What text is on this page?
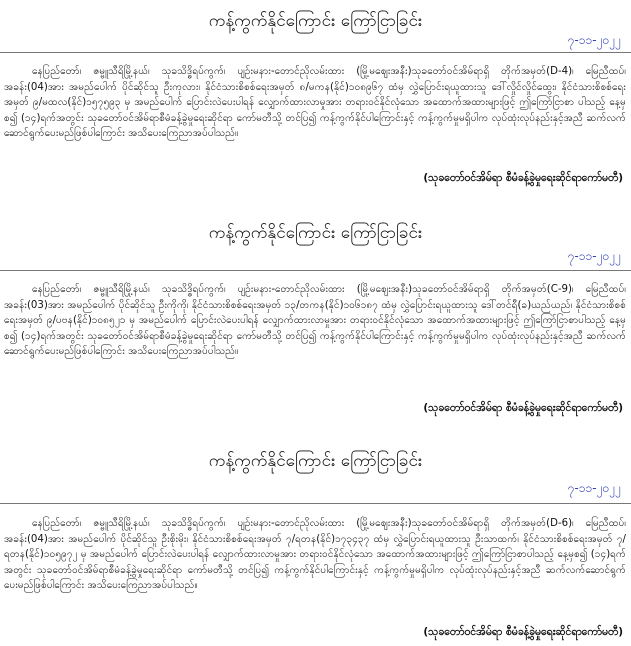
ကန့်ကွက်နိုင်ကြောင်း ကြော်ငြာခြင်း
၇-၁၁-၂၀၂၂
နေပြည်တော်၊ ဇမ္ဗူသီရိမြို့နယ်၊ သုခသိဒ္ဓိရပ်ကွက်၊ ပျဉ်းမနား-တောင်ညိုလမ်းထား (မြို့မဈေးအနီး)သုခတော်ဝင်အိမ်ရာရှိ တိုက်အမှတ်(D-4)၊ မြေညီထပ်၊ အခန်း(04)အား အမည်ပေါက် ပိုင်ဆိုင်သူ ဦးကုလား၊ နိုင်ငံသားစိစစ်ရေးအမှတ် ၈/မကန(နိုင်)၁၀၈၉၆၇ ထံမှ လွှဲပြောင်းရယူထားသူ ဒေါ်လှိုင်လှိုင်ထွေး၊ နိုင်ငံသားစိစစ်ရေးအမှတ် ၉/မထလ(နိုင်)၁၅၇၅၉၃ မှ အမည်ပေါက် ပြောင်းလဲပေးပါရန် လျှောက်ထားလာမှုအား တရားဝင်နိုင်လုံသော အထောက်အထားများဖြင့် ဤကြော်ငြာစာ ပါသည့် နေ့မှစ၍ (၁၄)ရက်အတွင်း သုခတော်ဝင်အိမ်ရာစီမံခန့်ခွဲမှုရေးဆိုင်ရာ ကော်မတီသို့ တင်ပြ၍ ကန့်ကွက်နိုင်ပါကြောင်းနှင့် ကန့်ကွက်မှုမရှိပါက လုပ်ထုံးလုပ်နည်းနှင့်အညီ ဆက်လက် ဆောင်ရွက်ပေးမည်ဖြစ်ပါကြောင်း အသိပေးကြေညာအပ်ပါသည်။
(သုခတော်ဝင်အိမ်ရာ စီမံခန့်ခွဲမှုရေးဆိုင်ရာကော်မတီ)
ကန့်ကွက်နိုင်ကြောင်း ကြော်ငြာခြင်း
၇-၁၁-၂၀၂၂
နေပြည်တော်၊ ဇမ္ဗူသီရိမြို့နယ်၊ သုခသိဒ္ဓိရပ်ကွက်၊ ပျဉ်းမနား-တောင်ညိုလမ်းထား (မြို့မဈေးအနီး)သုခတော်ဝင်အိမ်ရာရှိ တိုက်အမှတ်(C-9)၊ မြေညီထပ်၊ အခန်း(03)အား အမည်ပေါက် ပိုင်ဆိုင်သူ ဦးကိုကို၊ နိုင်ငံသားစိစစ်ရေးအမှတ် ၁၃/တကန(နိုင်)၁၀၆၁၈၇ ထံမှ လွှဲပြောင်းရယူထားသူ ဒေါ်တင်ရီ(ခ)ယည်ယည်၊ နိုင်ငံသားစိစစ်ရေးအမှတ် ၉/ပဗန(နိုင်)၁၀၈၅၂၁ မှ အမည်ပေါက် ပြောင်းလဲပေးပါရန် လျှောက်ထားလာမှုအား တရားဝင်နိုင်လုံသော အထောက်အထားများဖြင့် ဤကြော်ငြာစာပါသည့် နေ့မှစ၍ (၁၄)ရက်အတွင်း သုခတော်ဝင်အိမ်ရာစီမံခန့်ခွဲမှုရေးဆိုင်ရာ ကော်မတီသို့ တင်ပြ၍ ကန့်ကွက်နိုင်ပါကြောင်းနှင့် ကန့်ကွက်မှုမရှိပါက လုပ်ထုံးလုပ်နည်းနှင့်အညီ ဆက်လက် ဆောင်ရွက်ပေးမည်ဖြစ်ပါကြောင်း အသိပေးကြေညာအပ်ပါသည်။
(သုခတော်ဝင်အိမ်ရာ စီမံခန့်ခွဲမှုရေးဆိုင်ရာကော်မတီ)
ကန့်ကွက်နိုင်ကြောင်း ကြော်ငြာခြင်း
၇-၁၁-၂၀၂၂
နေပြည်တော်၊ ဇမ္ဗူသီရိမြို့နယ်၊ သုခသိဒ္ဓိရပ်ကွက်၊ ပျဉ်းမနား-တောင်ညိုလမ်းထား (မြို့မဈေးအနီး)သုခတော်ဝင်အိမ်ရာရှိ တိုက်အမှတ်(D-6)၊ မြေညီထပ်၊ အခန်း(04)အား အမည်ပေါက် ပိုင်ဆိုင်သူ ဦးစိုးမိုး၊ နိုင်ငံသားစိစစ်ရေးအမှတ် ၇/ရတန(နိုင်)၁၇၃၄၃၇ ထံမှ လွှဲပြောင်းရယူထားသူ ဦးသာထက်၊ နိုင်ငံသားစိစစ်ရေးအမှတ် ၇/ရတန(နိုင်)၁၀၅၉၇၂ မှ အမည်ပေါက် ပြောင်းလဲပေးပါရန် လျှောက်ထားလာမှုအား တရားဝင်နိုင်လုံသော အထောက်အထားများဖြင့် ဤကြော်ငြာစာပါသည့် နေ့မှစ၍ (၁၄)ရက်အတွင်း သုခတော်ဝင်အိမ်ရာစီမံခန့်ခွဲမှုရေးဆိုင်ရာ ကော်မတီသို့ တင်ပြ၍ ကန့်ကွက်နိုင်ပါကြောင်းနှင့် ကန့်ကွက်မှုမရှိပါက လုပ်ထုံးလုပ်နည်းနှင့်အညီ ဆက်လက်ဆောင်ရွက် ပေးမည်ဖြစ်ပါကြောင်း အသိပေးကြေညာအပ်ပါသည်။
(သုခတော်ဝင်အိမ်ရာ စီမံခန့်ခွဲမှုရေးဆိုင်ရာကော်မတီ)
